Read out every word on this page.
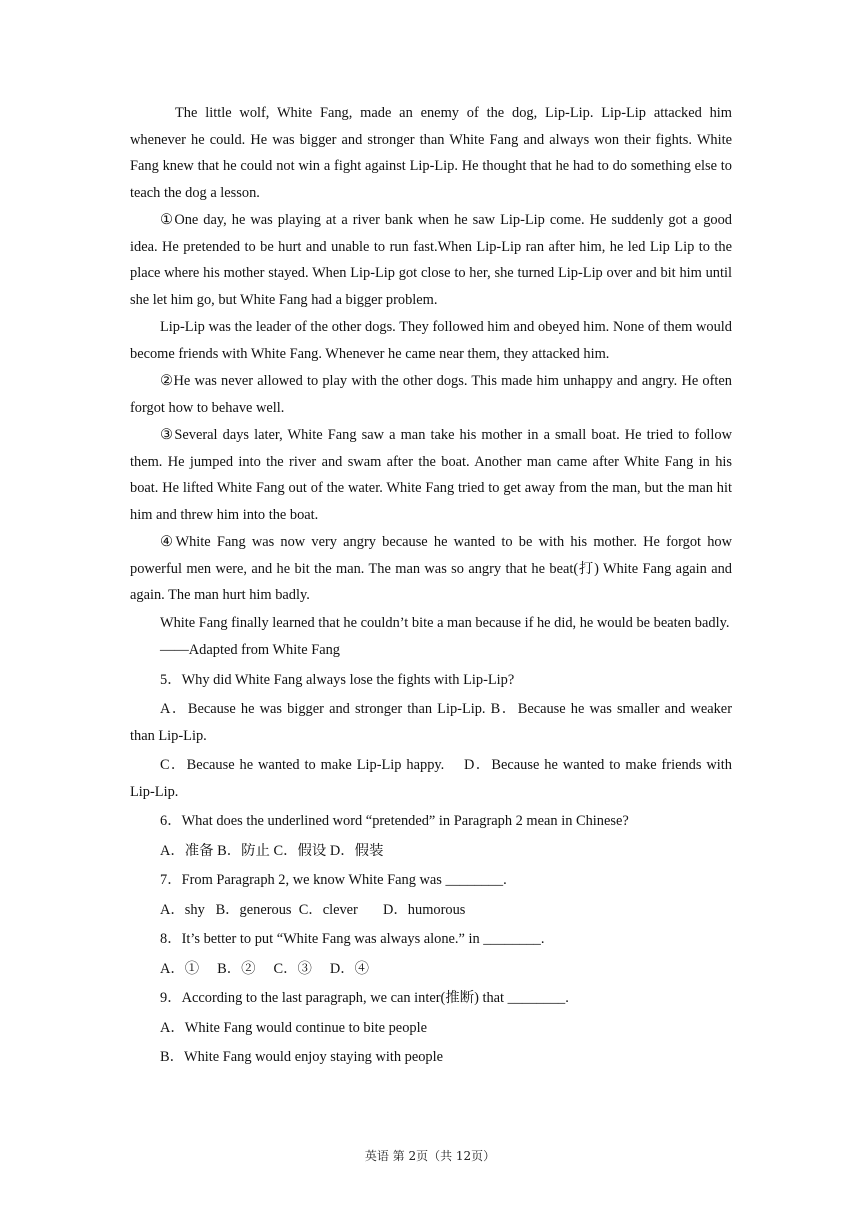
The little wolf, White Fang, made an enemy of the dog, Lip-Lip. Lip-Lip attacked him whenever he could. He was bigger and stronger than White Fang and always won their fights. White Fang knew that he could not win a fight against Lip-Lip. He thought that he had to do something else to teach the dog a lesson.

①One day, he was playing at a river bank when he saw Lip-Lip come. He suddenly got a good idea. He pretended to be hurt and unable to run fast.When Lip-Lip ran after him, he led Lip Lip to the place where his mother stayed. When Lip-Lip got close to her, she turned Lip-Lip over and bit him until she let him go, but White Fang had a bigger problem.

Lip-Lip was the leader of the other dogs. They followed him and obeyed him. None of them would become friends with White Fang. Whenever he came near them, they attacked him.

②He was never allowed to play with the other dogs. This made him unhappy and angry. He often forgot how to behave well.

③Several days later, White Fang saw a man take his mother in a small boat. He tried to follow them. He jumped into the river and swam after the boat. Another man came after White Fang in his boat. He lifted White Fang out of the water. White Fang tried to get away from the man, but the man hit him and threw him into the boat.

④White Fang was now very angry because he wanted to be with his mother. He forgot how powerful men were, and he bit the man. The man was so angry that he beat(打) White Fang again and again. The man hurt him badly.

White Fang finally learned that he couldn’t bite a man because if he did, he would be beaten badly.

——Adapted from White Fang

5．Why did White Fang always lose the fights with Lip-Lip?

A．Because he was bigger and stronger than Lip-Lip. B．Because he was smaller and weaker than Lip-Lip.

C．Because he wanted to make Lip-Lip happy.    D．Because he wanted to make friends with Lip-Lip.

6．What does the underlined word “pretended” in Paragraph 2 mean in Chinese?

A．准备 B．防止 C．假设 D．假装

7．From Paragraph 2, we know White Fang was ________.

A．shy   B．generous  C．clever       D．humorous

8．It’s better to put “White Fang was always alone.” in ________.

A．①     B．②     C．③     D．④

9．According to the last paragraph, we can inter(推断) that ________.

A．White Fang would continue to bite people

B．White Fang would enjoy staying with people

英语 第 2页（共 12页）
